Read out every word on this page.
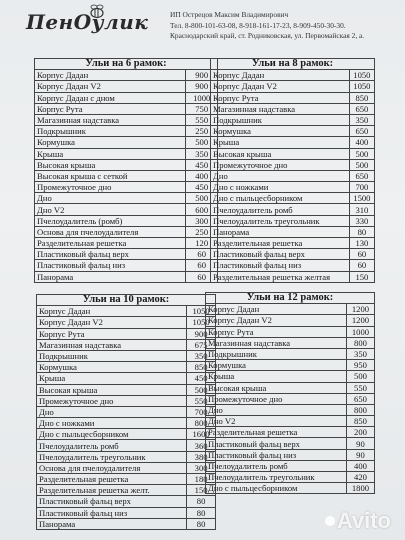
ПенОулик	ИП Острецов Максим Владимирович
Тел. 8-800-101-63-08, 8-918-161-17-23, 8-909-450-30-30.
Краснодарский край, ст. Родниковская, ул. Первомайская 2, а.
Ульи на 6 рамок:	
Корпус Дадан	900
Корпус Дадан V2	900
Корпус Дадан с дном	1000
Корпус Рута	750
Магазинная надставка	550
Подкрышник	250
Кормушка	500
Крыша	350
Высокая крыша	450
Высокая крыша с сеткой	400
Промежуточное дно	450
Дно	500
Дно V2	600
Пчелоудалитель (ромб)	300
Основа для пчелоудалителя	250
Разделительная решетка	120
Пластиковый фальц верх	60
Пластиковый фальц низ	60
Панорама	60
Ульи на 8 рамок:	
Корпус Дадан	1050
Корпус Дадан V2	1050
Корпус Рута	850
Магазинная надставка	650
Подкрышник	350
Кормушка	650
Крыша	400
Высокая крыша	500
Промежуточное дно	500
Дно	650
Дно с ножками	700
Дно с пыльцесборником	1500
Пчелоудалитель ромб	310
Пчелоудалитель треугольник	330
Панорама	80
Разделительная решетка	130
Пластиковый фальц верх	60
Пластиковый фальц низ	60
Разделительная решетка желтая	150
Ульи на 10 рамок:	
Корпус Дадан	1050
Корпус Дадан V2	1050
Корпус Рута	900
Магазинная надставка	675
Подкрышник	350
Кормушка	850
Крыша	450
Высокая крыша	500
Промежуточное дно	550
Дно	700
Дно с ножками	800
Дно с пыльцесборником	1600
Пчелоудалитель ромб	360
Пчелоудалитель треугольник	380
Основа для пчелоудалителя	300
Разделительная решетка	180
Разделительная решетка желт.	150
Пластиковый фальц верх	80
Пластиковый фальц низ	80
Панорама	80
Ульи на 12 рамок:	
Корпус Дадан	1200
Корпус Дадан V2	1200
Корпус Рута	1000
Магазинная надставка	800
Подкрышник	350
Кормушка	950
Крыша	500
Высокая крыша	550
Промежуточное дно	650
Дно	800
Дно V2	850
Разделительная решетка	200
Пластиковый фальц верх	90
Пластиковый фальц низ	90
Пчелоудалитель ромб	400
Пчелоудалитель треугольник	420
Дно с пыльцесборником	1800
Avito
